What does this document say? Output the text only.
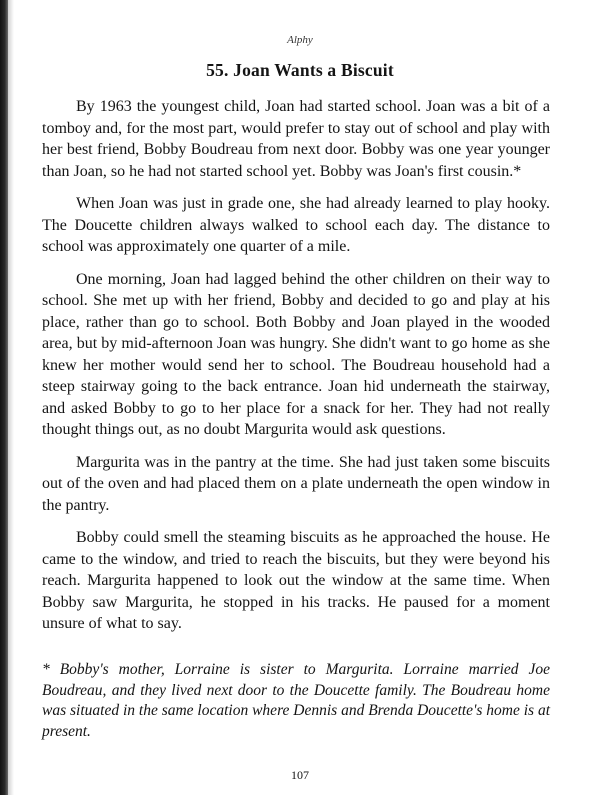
Alphy
55. Joan Wants a Biscuit

By 1963 the youngest child, Joan had started school. Joan was a bit of a tomboy and, for the most part, would prefer to stay out of school and play with her best friend, Bobby Boudreau from next door. Bobby was one year younger than Joan, so he had not started school yet. Bobby was Joan's first cousin.*

When Joan was just in grade one, she had already learned to play hooky. The Doucette children always walked to school each day. The distance to school was approximately one quarter of a mile.

One morning, Joan had lagged behind the other children on their way to school. She met up with her friend, Bobby and decided to go and play at his place, rather than go to school. Both Bobby and Joan played in the wooded area, but by mid-afternoon Joan was hungry. She didn't want to go home as she knew her mother would send her to school. The Boudreau household had a steep stairway going to the back entrance. Joan hid underneath the stairway, and asked Bobby to go to her place for a snack for her. They had not really thought things out, as no doubt Margurita would ask questions.

Margurita was in the pantry at the time. She had just taken some biscuits out of the oven and had placed them on a plate underneath the open window in the pantry.

Bobby could smell the steaming biscuits as he approached the house. He came to the window, and tried to reach the biscuits, but they were beyond his reach. Margurita happened to look out the window at the same time. When Bobby saw Margurita, he stopped in his tracks. He paused for a moment unsure of what to say.

* Bobby's mother, Lorraine is sister to Margurita. Lorraine married Joe Boudreau, and they lived next door to the Doucette family. The Boudreau home was situated in the same location where Dennis and Brenda Doucette's home is at present.

107
